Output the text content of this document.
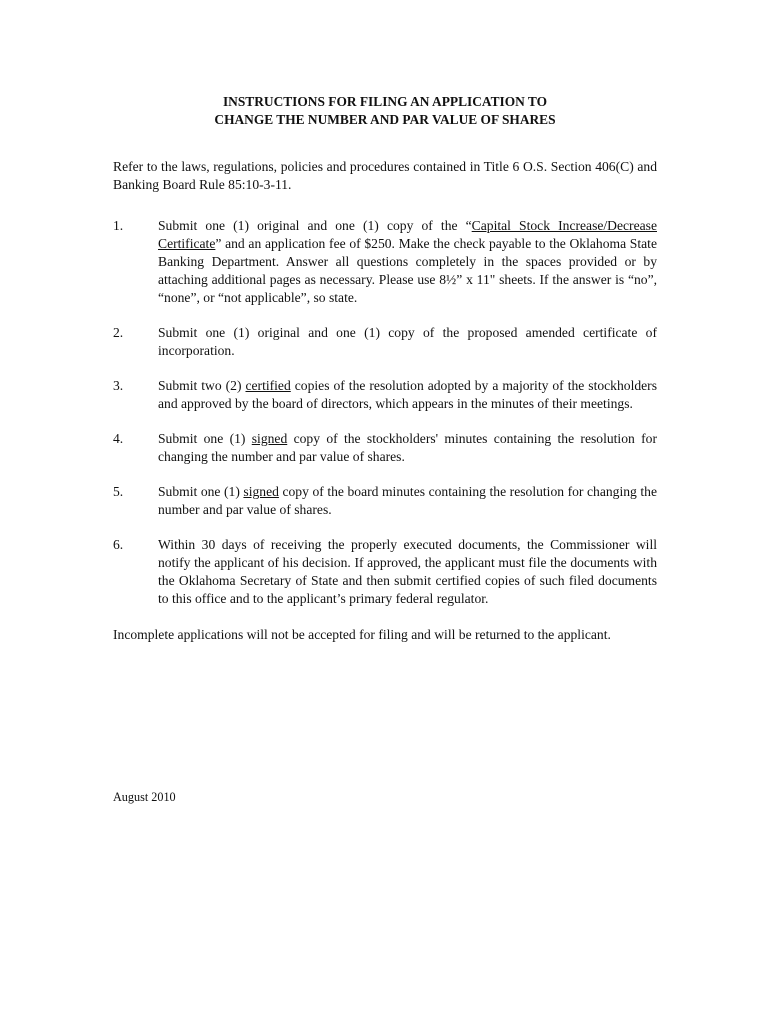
INSTRUCTIONS FOR FILING AN APPLICATION TO
CHANGE THE NUMBER AND PAR VALUE OF SHARES

Refer to the laws, regulations, policies and procedures contained in Title 6 O.S. Section 406(C) and Banking Board Rule 85:10-3-11.

1.	Submit one (1) original and one (1) copy of the “Capital Stock Increase/Decrease Certificate” and an application fee of $250. Make the check payable to the Oklahoma State Banking Department. Answer all questions completely in the spaces provided or by attaching additional pages as necessary. Please use 8½” x 11" sheets. If the answer is “no”, “none”, or “not applicable”, so state.
2.	Submit one (1) original and one (1) copy of the proposed amended certificate of incorporation.
3.	Submit two (2) certified copies of the resolution adopted by a majority of the stockholders and approved by the board of directors, which appears in the minutes of their meetings.
4.	Submit one (1) signed copy of the stockholders' minutes containing the resolution for changing the number and par value of shares.
5.	Submit one (1) signed copy of the board minutes containing the resolution for changing the number and par value of shares.
6.	Within 30 days of receiving the properly executed documents, the Commissioner will notify the applicant of his decision. If approved, the applicant must file the documents with the Oklahoma Secretary of State and then submit certified copies of such filed documents to this office and to the applicant’s primary federal regulator.

Incomplete applications will not be accepted for filing and will be returned to the applicant.

August 2010
